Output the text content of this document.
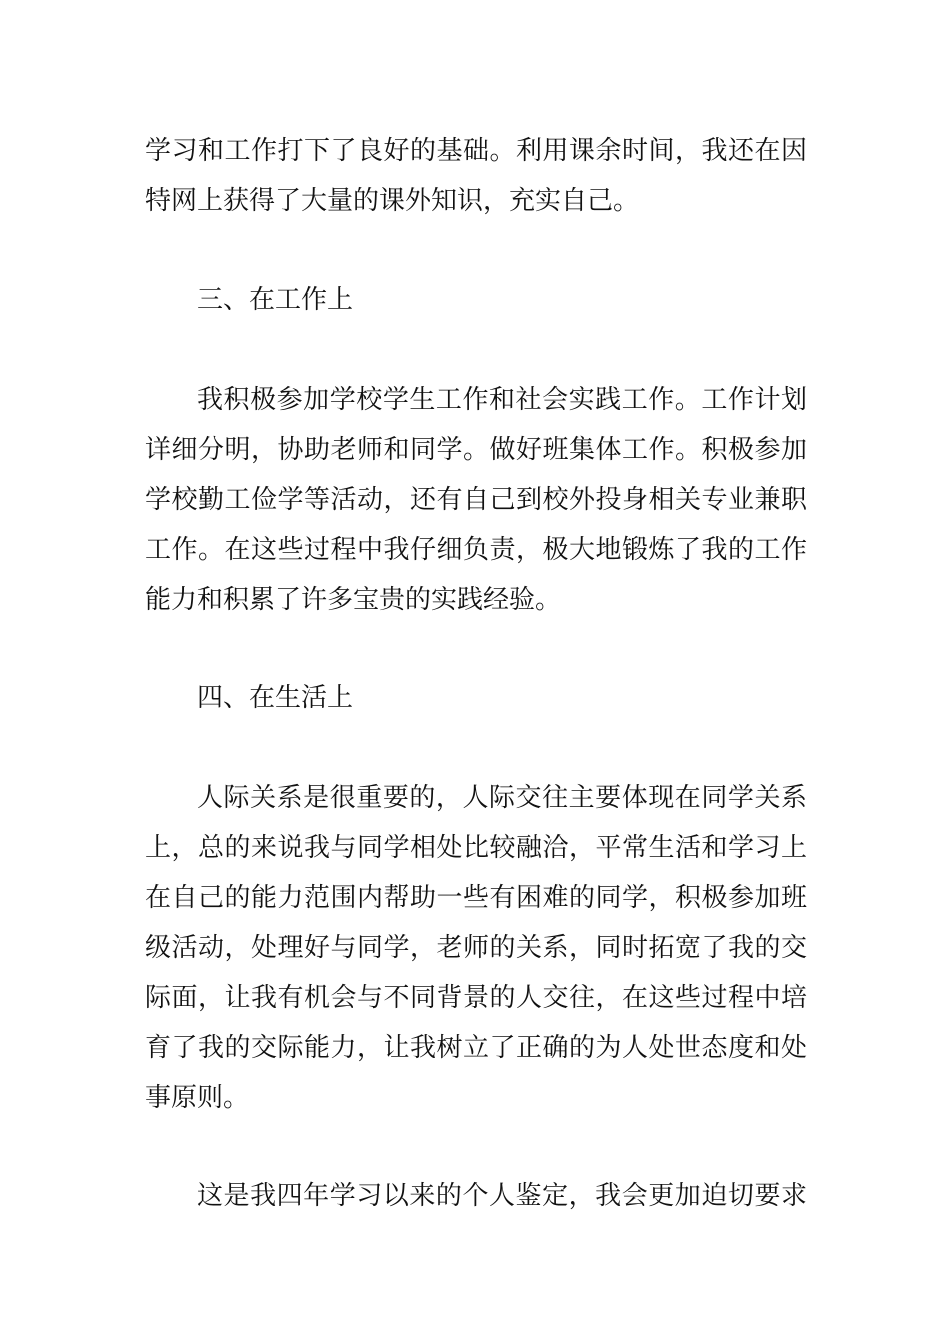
学习和工作打下了良好的基础。利用课余时间，我还在因
特网上获得了大量的课外知识，充实自己。
三、在工作上
我积极参加学校学生工作和社会实践工作。工作计划
详细分明，协助老师和同学。做好班集体工作。积极参加
学校勤工俭学等活动，还有自己到校外投身相关专业兼职
工作。在这些过程中我仔细负责，极大地锻炼了我的工作
能力和积累了许多宝贵的实践经验。
四、在生活上
人际关系是很重要的，人际交往主要体现在同学关系
上，总的来说我与同学相处比较融洽，平常生活和学习上
在自己的能力范围内帮助一些有困难的同学，积极参加班
级活动，处理好与同学，老师的关系，同时拓宽了我的交
际面，让我有机会与不同背景的人交往，在这些过程中培
育了我的交际能力，让我树立了正确的为人处世态度和处
事原则。
这是我四年学习以来的个人鉴定，我会更加迫切要求
